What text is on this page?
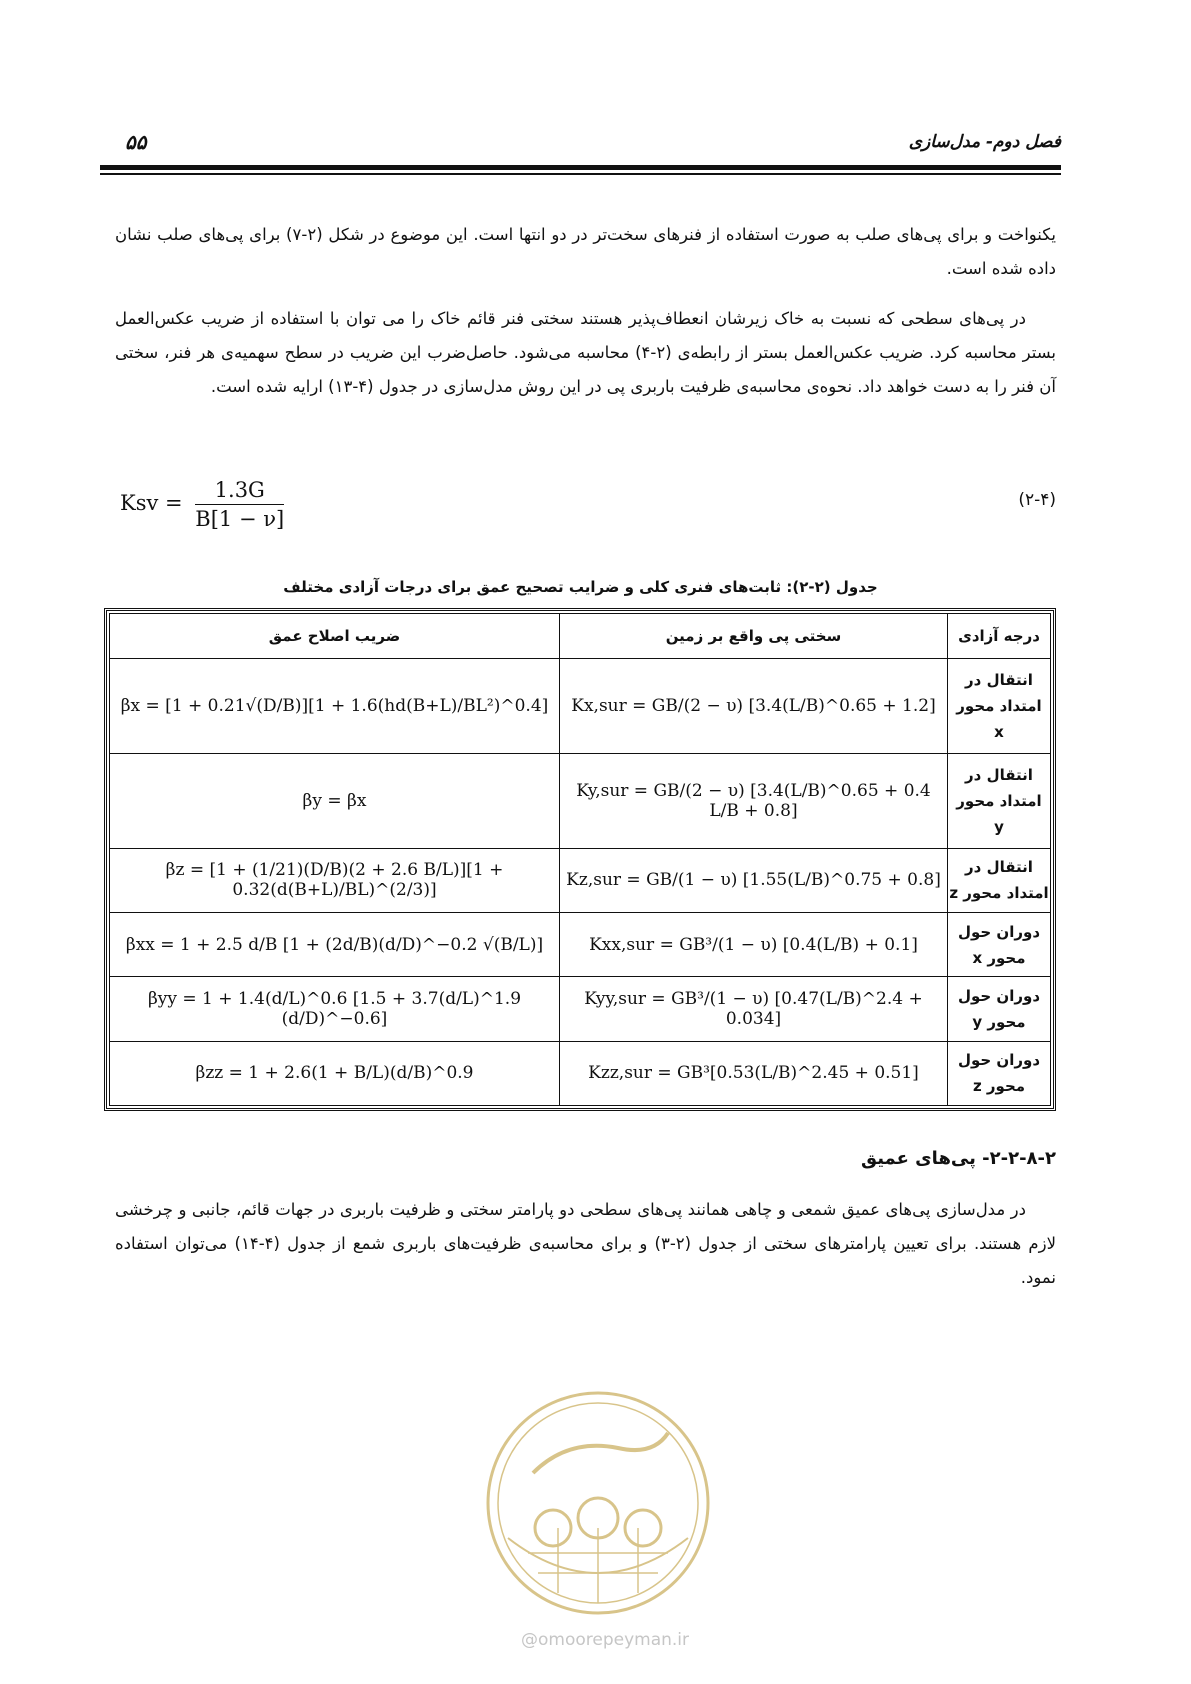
۵۵	فصل دوم- مدل‌سازی
یکنواخت و برای پی‌های صلب به صورت استفاده از فنرهای سخت‌تر در دو انتها است. این موضوع در شکل (۲-۷) برای پی‌های صلب نشان داده شده است.
در پی‌های سطحی که نسبت به خاک زیرشان انعطاف‌پذیر هستند سختی فنر قائم خاک را می توان با استفاده از ضریب عکس‌العمل بستر محاسبه کرد. ضریب عکس‌العمل بستر از رابطه‌ی (۲-۴) محاسبه می‌شود. حاصل‌ضرب این ضریب در سطح سهمیه‌ی هر فنر، سختی آن فنر را به دست خواهد داد. نحوه‌ی محاسبه‌ی ظرفیت باربری پی در این روش مدل‌سازی در جدول (۴-۱۳) ارایه شده است.
Ksv = $\frac{1.3G}{B[1 - \nu]}$	(۲-۴)
جدول (۲-۲): ثابت‌های فنری کلی و ضرایب تصحیح عمق برای درجات آزادی مختلف
درجه آزادی	سختی پی واقع بر زمین	ضریب اصلاح عمق
انتقال در امتداد محور x	Kx,sur = GB/(2 − υ) [3.4(L/B)^0.65 + 1.2]	βx = [1 + 0.21√(D/B)][1 + 1.6(hd(B+L)/BL²)^0.4]
انتقال در امتداد محور y	Ky,sur = GB/(2 − υ) [3.4(L/B)^0.65 + 0.4 L/B + 0.8]	βy = βx
انتقال در امتداد محور z	Kz,sur = GB/(1 − υ) [1.55(L/B)^0.75 + 0.8]	βz = [1 + (1/21)(D/B)(2 + 2.6 B/L)][1 + 0.32(d(B+L)/BL)^(2/3)]
دوران حول محور x	Kxx,sur = GB³/(1 − υ) [0.4(L/B) + 0.1]	βxx = 1 + 2.5 d/B [1 + (2d/B)(d/D)^−0.2 √(B/L)]
دوران حول محور y	Kyy,sur = GB³/(1 − υ) [0.47(L/B)^2.4 + 0.034]	βyy = 1 + 1.4(d/L)^0.6 [1.5 + 3.7(d/L)^1.9 (d/D)^−0.6]
دوران حول محور z	Kzz,sur = GB³[0.53(L/B)^2.45 + 0.51]	βzz = 1 + 2.6(1 + B/L)(d/B)^0.9
۲-۲-۸-۲- پی‌های عمیق
در مدل‌سازی پی‌های عمیق شمعی و چاهی همانند پی‌های سطحی دو پارامتر سختی و ظرفیت باربری در جهات قائم، جانبی و چرخشی لازم هستند. برای تعیین پارامترهای سختی از جدول (۲-۳) و برای محاسبه‌ی ظرفیت‌های باربری شمع از جدول (۴-۱۴) می‌توان استفاده نمود.
@omoorepeyman.ir
